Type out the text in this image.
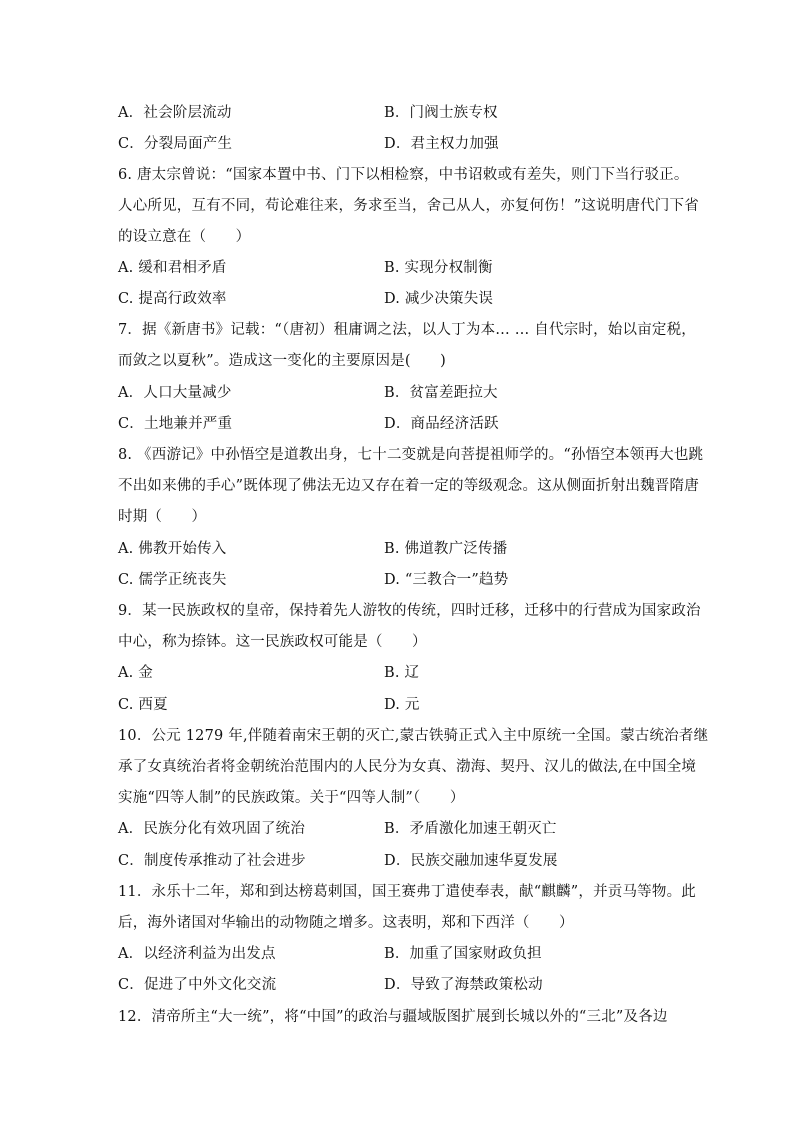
A．社会阶层流动	B．门阀士族专权
C．分裂局面产生	D．君主权力加强
6. 唐太宗曾说：“国家本置中书、门下以相检察，中书诏敕或有差失，则门下当行驳正。
人心所见，互有不同，苟论难往来，务求至当，舍己从人，亦复何伤！”这说明唐代门下省
的设立意在（　　）
A. 缓和君相矛盾	B. 实现分权制衡
C. 提高行政效率	D. 减少决策失误
7．据《新唐书》记载：“（唐初）租庸调之法，以人丁为本… … 自代宗时，始以亩定税，
而敛之以夏秋”。造成这一变化的主要原因是(　　)
A．人口大量减少	B．贫富差距拉大
C．土地兼并严重	D．商品经济活跃
8. 《西游记》中孙悟空是道教出身，七十二变就是向菩提祖师学的。“孙悟空本领再大也跳
不出如来佛的手心”既体现了佛法无边又存在着一定的等级观念。这从侧面折射出魏晋隋唐
时期（　　）
A. 佛教开始传入	B. 佛道教广泛传播
C. 儒学正统丧失	D. “三教合一”趋势
9．某一民族政权的皇帝，保持着先人游牧的传统，四时迁移，迁移中的行营成为国家政治
中心，称为捺钵。这一民族政权可能是（　　）
A. 金	B. 辽
C. 西夏	D. 元
10．公元 1279 年,伴随着南宋王朝的灭亡,蒙古铁骑正式入主中原统一全国。蒙古统治者继
承了女真统治者将金朝统治范围内的人民分为女真、渤海、契丹、汉儿的做法,在中国全境
实施“四等人制”的民族政策。关于“四等人制”（　　）
A．民族分化有效巩固了统治	B．矛盾激化加速王朝灭亡
C．制度传承推动了社会进步	D．民族交融加速华夏发展
11．永乐十二年，郑和到达榜葛剌国，国王赛弗丁遣使奉表，献“麒麟”，并贡马等物。此
后，海外诸国对华输出的动物随之增多。这表明，郑和下西洋（　　）
A．以经济利益为出发点	B．加重了国家财政负担
C．促进了中外文化交流	D．导致了海禁政策松动
12．清帝所主“大一统”，将“中国”的政治与疆域版图扩展到长城以外的“三北”及各边
